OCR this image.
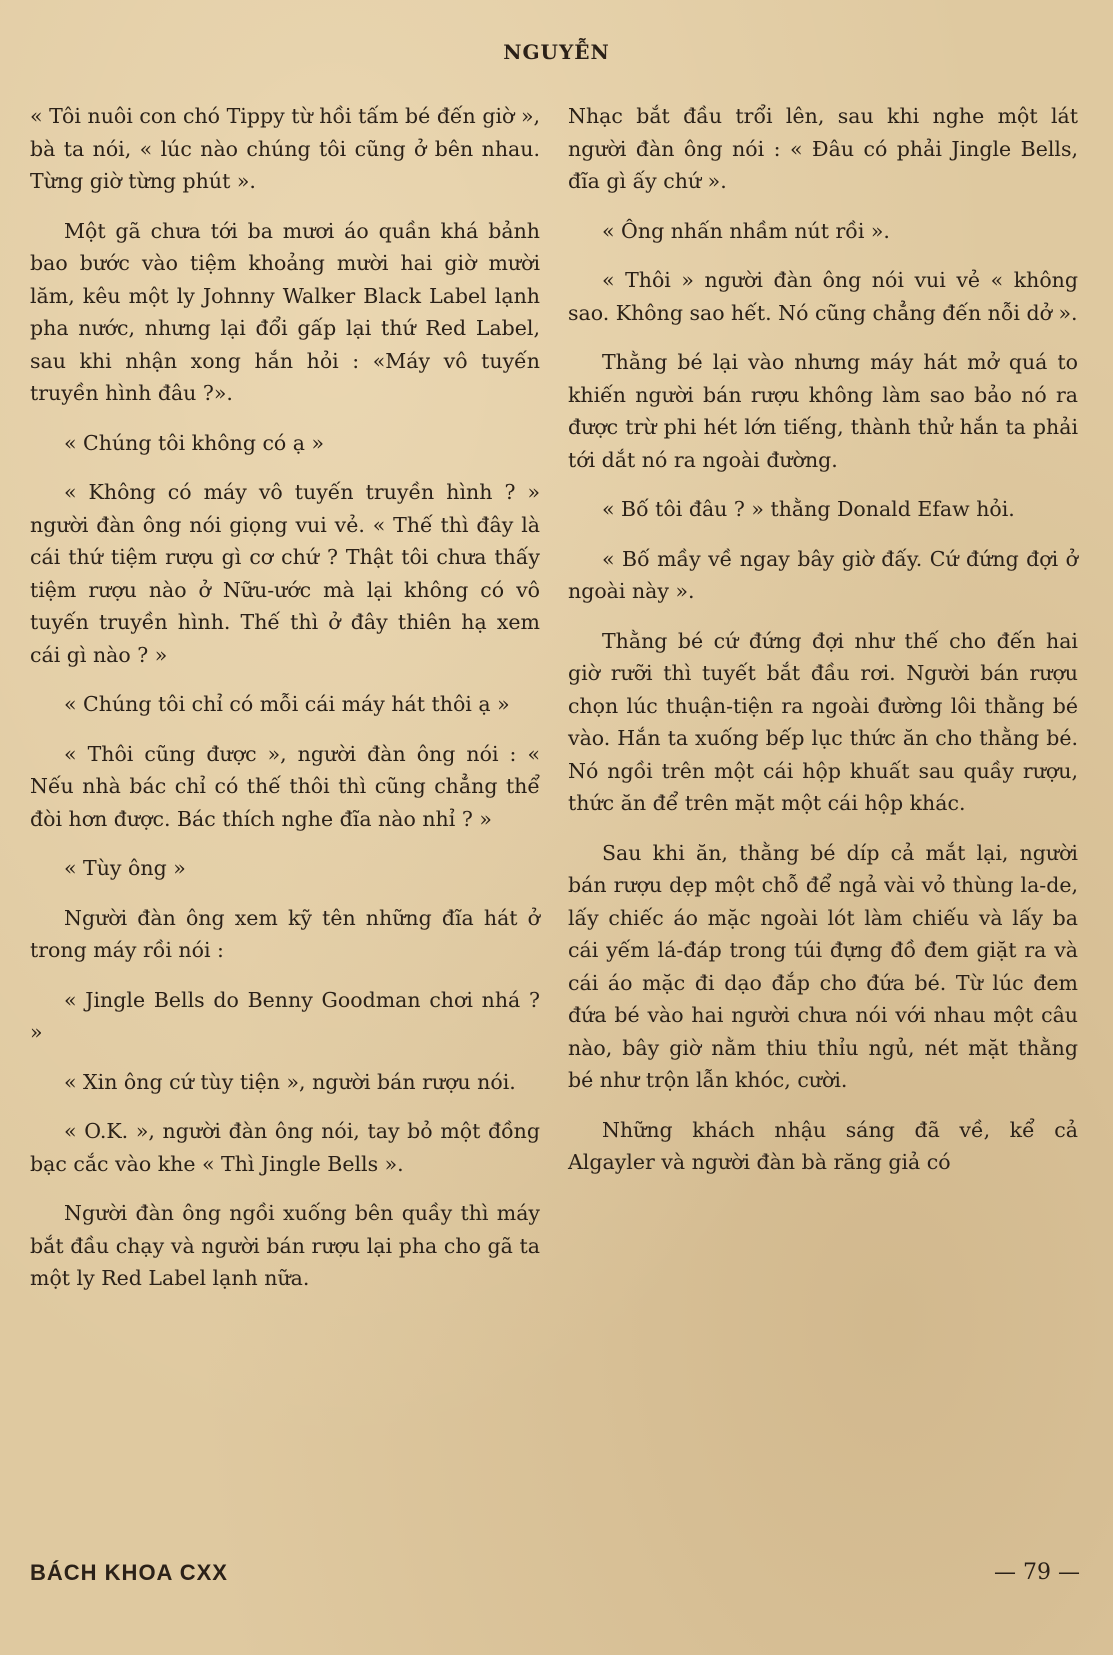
NGUYỄN

« Tôi nuôi con chó Tippy từ hồi tấm bé đến giờ », bà ta nói, « lúc nào chúng tôi cũng ở bên nhau. Từng giờ từng phút ».

Một gã chưa tới ba mươi áo quần khá bảnh bao bước vào tiệm khoảng mười hai giờ mười lăm, kêu một ly Johnny Walker Black Label lạnh pha nước, nhưng lại đổi gấp lại thứ Red Label, sau khi nhận xong hắn hỏi : «Máy vô tuyến truyền hình đâu ?».

« Chúng tôi không có ạ »

« Không có máy vô tuyến truyền hình ? » người đàn ông nói giọng vui vẻ. « Thế thì đây là cái thứ tiệm rượu gì cơ chứ ? Thật tôi chưa thấy tiệm rượu nào ở Nữu-ước mà lại không có vô tuyến truyền hình. Thế thì ở đây thiên hạ xem cái gì nào ? »

« Chúng tôi chỉ có mỗi cái máy hát thôi ạ »

« Thôi cũng được », người đàn ông nói : « Nếu nhà bác chỉ có thế thôi thì cũng chẳng thể đòi hơn được. Bác thích nghe đĩa nào nhỉ ? »

« Tùy ông »

Người đàn ông xem kỹ tên những đĩa hát ở trong máy rồi nói :

« Jingle Bells do Benny Goodman chơi nhá ? »

« Xin ông cứ tùy tiện », người bán rượu nói.

« O.K. », người đàn ông nói, tay bỏ một đồng bạc cắc vào khe « Thì Jingle Bells ».

Người đàn ông ngồi xuống bên quầy thì máy bắt đầu chạy và người bán rượu lại pha cho gã ta một ly Red Label lạnh nữa.

Nhạc bắt đầu trổi lên, sau khi nghe một lát người đàn ông nói : « Đâu có phải Jingle Bells, đĩa gì ấy chứ ».

« Ông nhấn nhầm nút rồi ».

« Thôi » người đàn ông nói vui vẻ « không sao. Không sao hết. Nó cũng chẳng đến nỗi dở ».

Thằng bé lại vào nhưng máy hát mở quá to khiến người bán rượu không làm sao bảo nó ra được trừ phi hét lớn tiếng, thành thử hắn ta phải tới dắt nó ra ngoài đường.

« Bố tôi đâu ? » thằng Donald Efaw hỏi.

« Bố mầy về ngay bây giờ đấy. Cứ đứng đợi ở ngoài này ».

Thằng bé cứ đứng đợi như thế cho đến hai giờ rưỡi thì tuyết bắt đầu rơi. Người bán rượu chọn lúc thuận-tiện ra ngoài đường lôi thằng bé vào. Hắn ta xuống bếp lục thức ăn cho thằng bé. Nó ngồi trên một cái hộp khuất sau quầy rượu, thức ăn để trên mặt một cái hộp khác.

Sau khi ăn, thằng bé díp cả mắt lại, người bán rượu dẹp một chỗ để ngả vài vỏ thùng la-de, lấy chiếc áo mặc ngoài lót làm chiếu và lấy ba cái yếm lá-đáp trong túi đựng đồ đem giặt ra và cái áo mặc đi dạo đắp cho đứa bé. Từ lúc đem đứa bé vào hai người chưa nói với nhau một câu nào, bây giờ nằm thiu thỉu ngủ, nét mặt thằng bé như trộn lẫn khóc, cười.

Những khách nhậu sáng đã về, kể cả Algayler và người đàn bà răng giả có

BÁCH KHOA CXX	— 79 —
